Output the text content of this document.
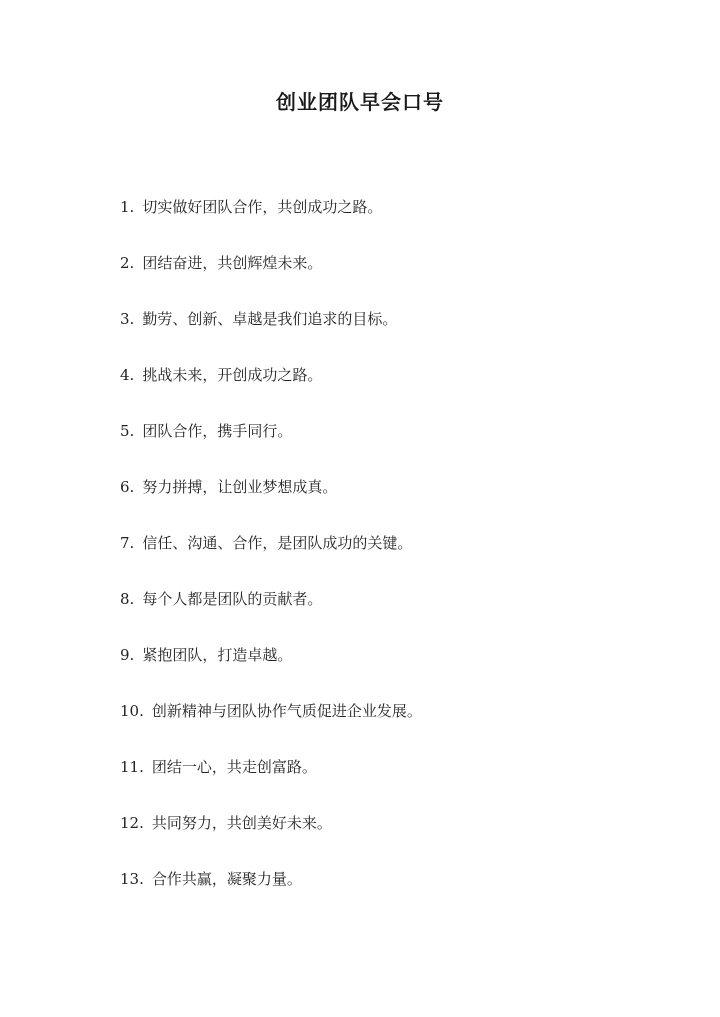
创业团队早会口号
1. 切实做好团队合作，共创成功之路。
2. 团结奋进，共创辉煌未来。
3. 勤劳、创新、卓越是我们追求的目标。
4. 挑战未来，开创成功之路。
5. 团队合作，携手同行。
6. 努力拼搏，让创业梦想成真。
7. 信任、沟通、合作，是团队成功的关键。
8. 每个人都是团队的贡献者。
9. 紧抱团队，打造卓越。
10. 创新精神与团队协作气质促进企业发展。
11. 团结一心，共走创富路。
12. 共同努力，共创美好未来。
13. 合作共赢，凝聚力量。
